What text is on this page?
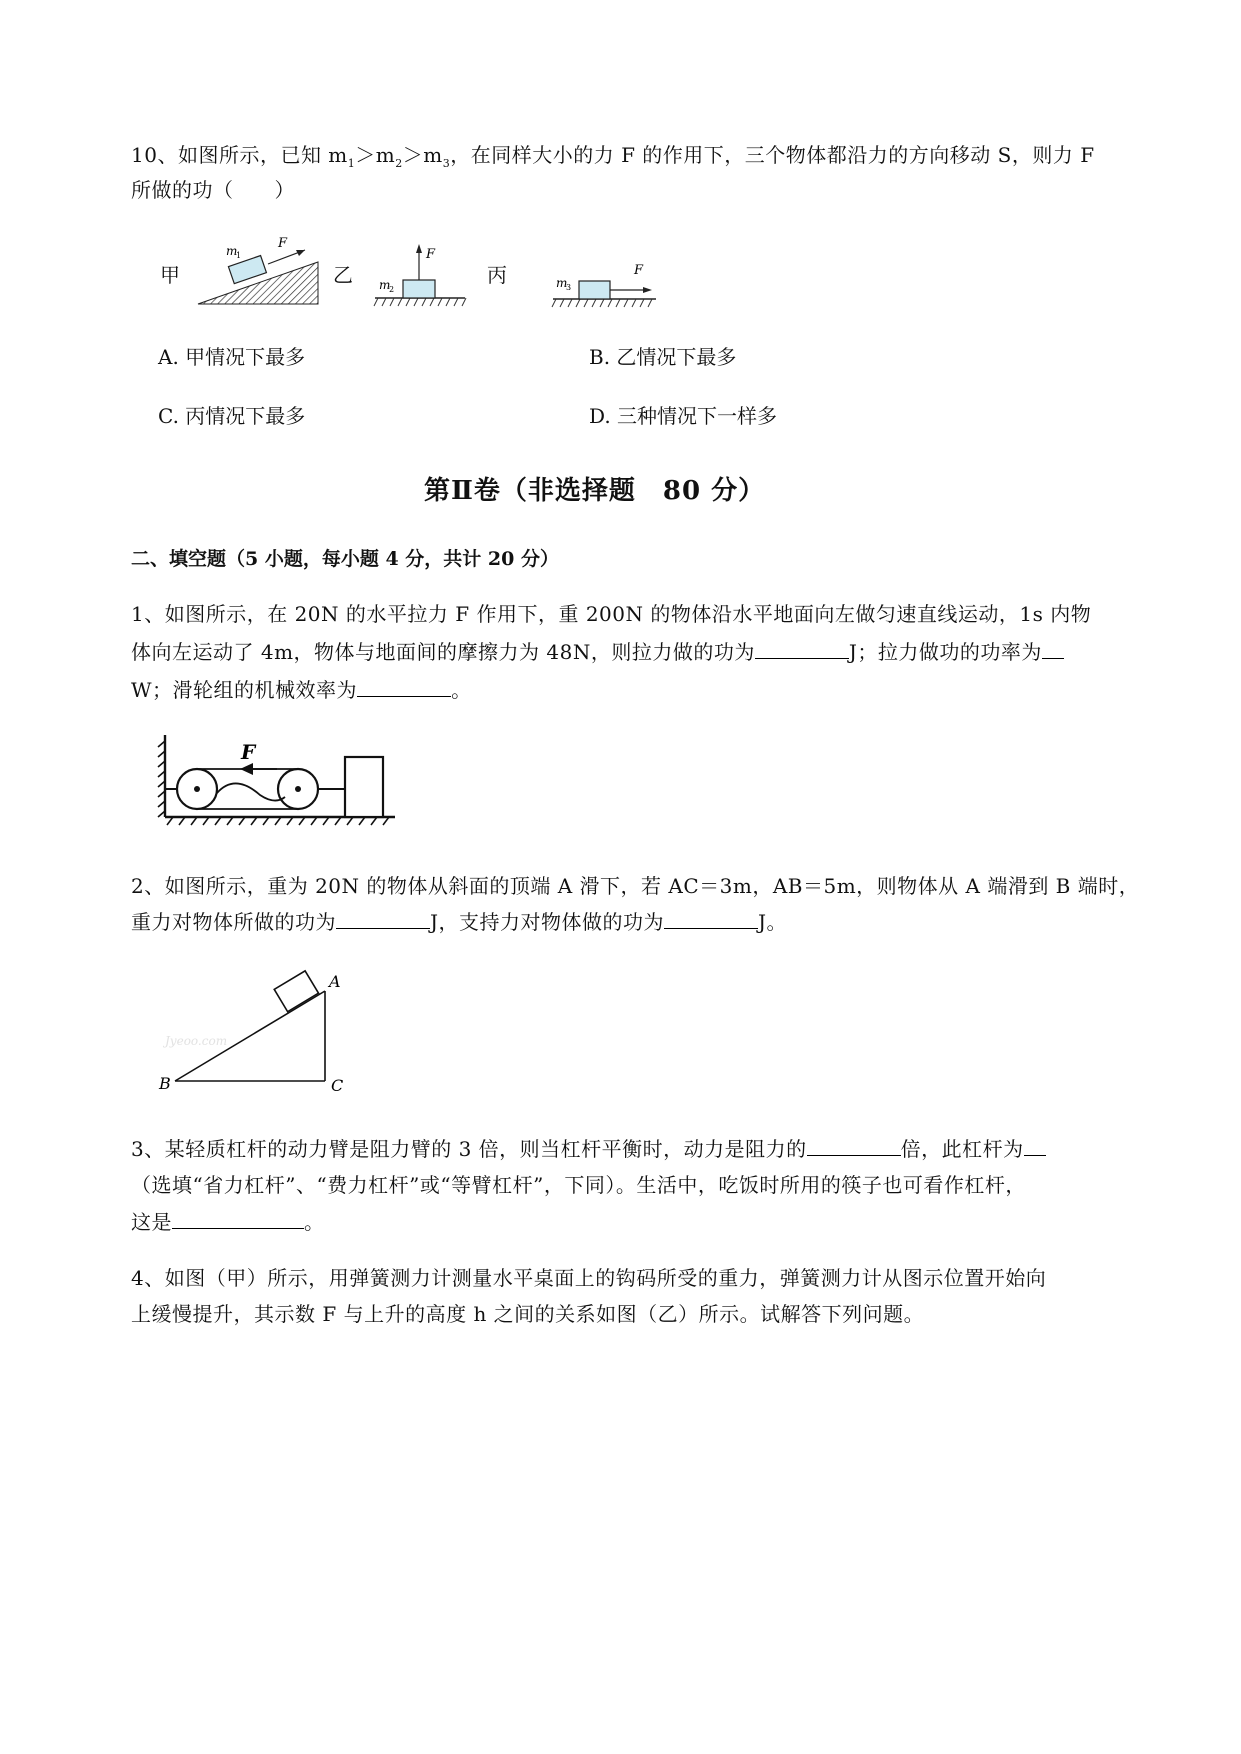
10、如图所示，已知 $m_1>m_2>m_3$，在同样大小的力 F 的作用下，三个物体都沿力的方向移动 S，则力 F
所做的功（　　）
甲
m
1
F
乙
F
m
2
丙	F
m
3
A. 甲情况下最多	B. 乙情况下最多
C. 丙情况下最多	D. 三种情况下一样多
第Ⅱ卷（非选择题　80 分）
二、填空题（5 小题，每小题 4 分，共计 20 分）
1、如图所示，在 20N 的水平拉力 F 作用下，重 200N 的物体沿水平地面向左做匀速直线运动，1s 内物
体向左运动了 4m，物体与地面间的摩擦力为 48N，则拉力做的功为	J；拉力做功的功率为
W；滑轮组的机械效率为	。
F
2、如图所示，重为 20N 的物体从斜面的顶端 A 滑下，若 AC＝3m，AB＝5m，则物体从 A 端滑到 B 端时，
重力对物体所做的功为	J，支持力对物体做的功为	J。
Jyeoo.com
A
B	C
3、某轻质杠杆的动力臂是阻力臂的 3 倍，则当杠杆平衡时，动力是阻力的	倍，此杠杆为
（选填“省力杠杆”、“费力杠杆”或“等臂杠杆”，下同）。生活中，吃饭时所用的筷子也可看作杠杆，
这是	。
4、如图（甲）所示，用弹簧测力计测量水平桌面上的钩码所受的重力，弹簧测力计从图示位置开始向
上缓慢提升，其示数 F 与上升的高度 h 之间的关系如图（乙）所示。试解答下列问题。
